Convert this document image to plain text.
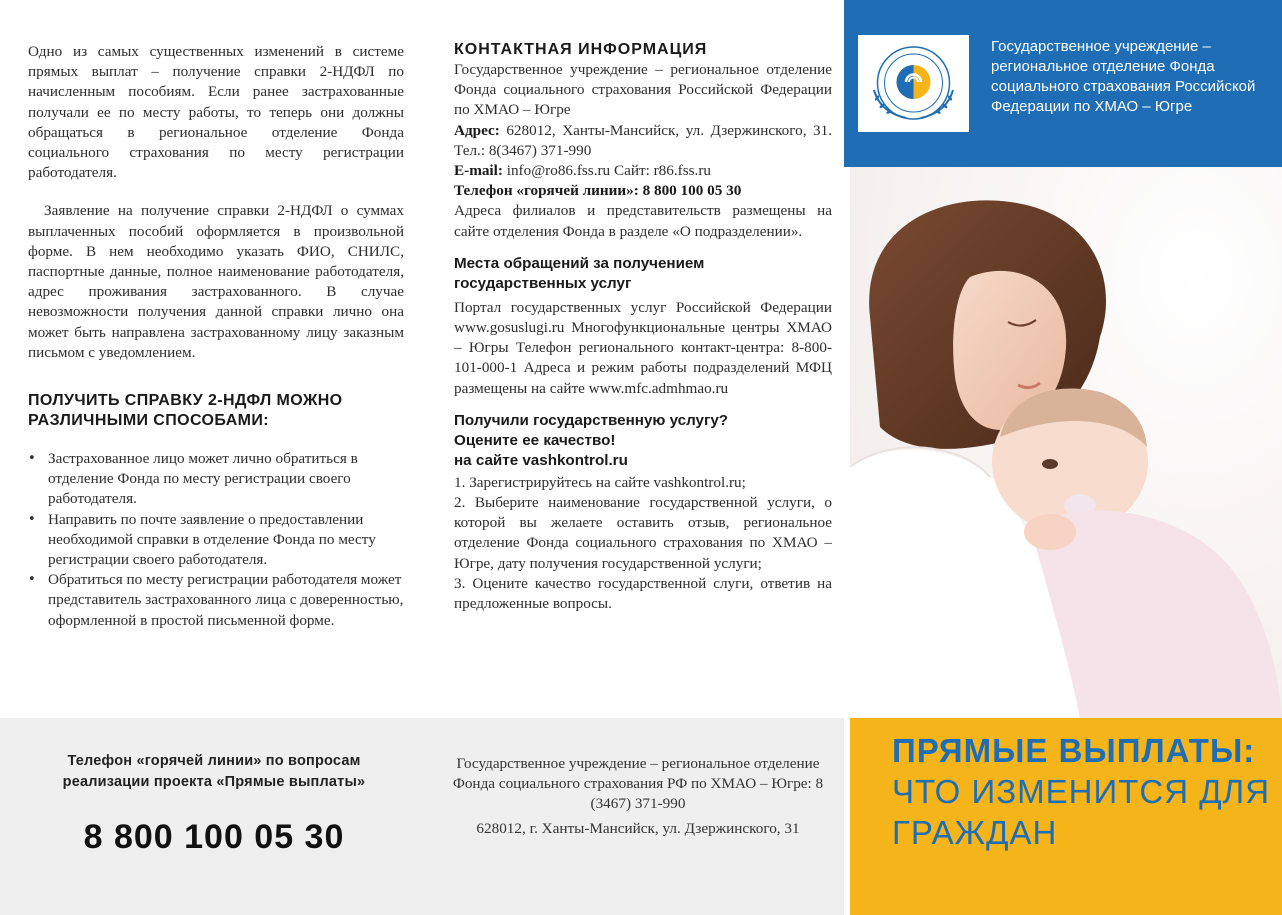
Одно из самых существенных изменений в системе прямых выплат – получение справки 2-НДФЛ по начисленным пособиям. Если ранее застрахованные получали ее по месту работы, то теперь они должны обращаться в региональное отделение Фонда социального страхования по месту регистрации работодателя.

Заявление на получение справки 2-НДФЛ о суммах выплаченных пособий оформляется в произвольной форме. В нем необходимо указать ФИО, СНИЛС, паспортные данные, полное наименование работодателя, адрес проживания застрахованного. В случае невозможности получения данной справки лично она может быть направлена застрахованному лицу заказным письмом с уведомлением.

ПОЛУЧИТЬ СПРАВКУ 2-НДФЛ МОЖНО РАЗЛИЧНЫМИ СПОСОБАМИ:
• Застрахованное лицо может лично обратиться в отделение Фонда по месту регистрации своего работодателя.
• Направить по почте заявление о предоставлении необходимой справки в отделение Фонда по месту регистрации своего работодателя.
• Обратиться по месту регистрации работодателя может представитель застрахованного лица с доверенностью, оформленной в простой письменной форме.
КОНТАКТНАЯ ИНФОРМАЦИЯ

Государственное учреждение – региональное отделение Фонда социального страхования Российской Федерации по ХМАО – Югре

Адрес: 628012, Ханты-Мансийск, ул. Дзержинского, 31. Тел.: 8(3467) 371-990

E-mail: info@ro86.fss.ru Сайт: r86.fss.ru

Телефон «горячей линии»: 8 800 100 05 30

Адреса филиалов и представительств размещены на сайте отделения Фонда в разделе «О подразделении».

Места обращений за получением государственных услуг

Портал государственных услуг Российской Федерации www.gosuslugi.ru Многофункциональные центры ХМАО – Югры Телефон регионального контакт-центра: 8-800-101-000-1 Адреса и режим работы подразделений МФЦ размещены на сайте www.mfc.admhmao.ru

Получили государственную услугу?
Оцените ее качество!
на сайте vashkontrol.ru

1. Зарегистрируйтесь на сайте vashkontrol.ru;

2. Выберите наименование государственной услуги, о которой вы желаете оставить отзыв, региональное отделение Фонда социального страхования по ХМАО – Югре, дату получения государственной услуги;

3. Оцените качество государственной слуги, ответив на предложенные вопросы.

Телефон «горячей линии» по вопросам реализации проекта «Прямые выплаты»
8 800 100 05 30
Государственное учреждение – региональное отделение Фонда социального страхования РФ по ХМАО – Югре: 8 (3467) 371-990
628012, г. Ханты-Мансийск, ул. Дзержинского, 31
Государственное учреждение – региональное отделение Фонда социального страхования Российской Федерации по ХМАО – Югре
ПРЯМЫЕ ВЫПЛАТЫ: ЧТО ИЗМЕНИТСЯ ДЛЯ ГРАЖДАН
